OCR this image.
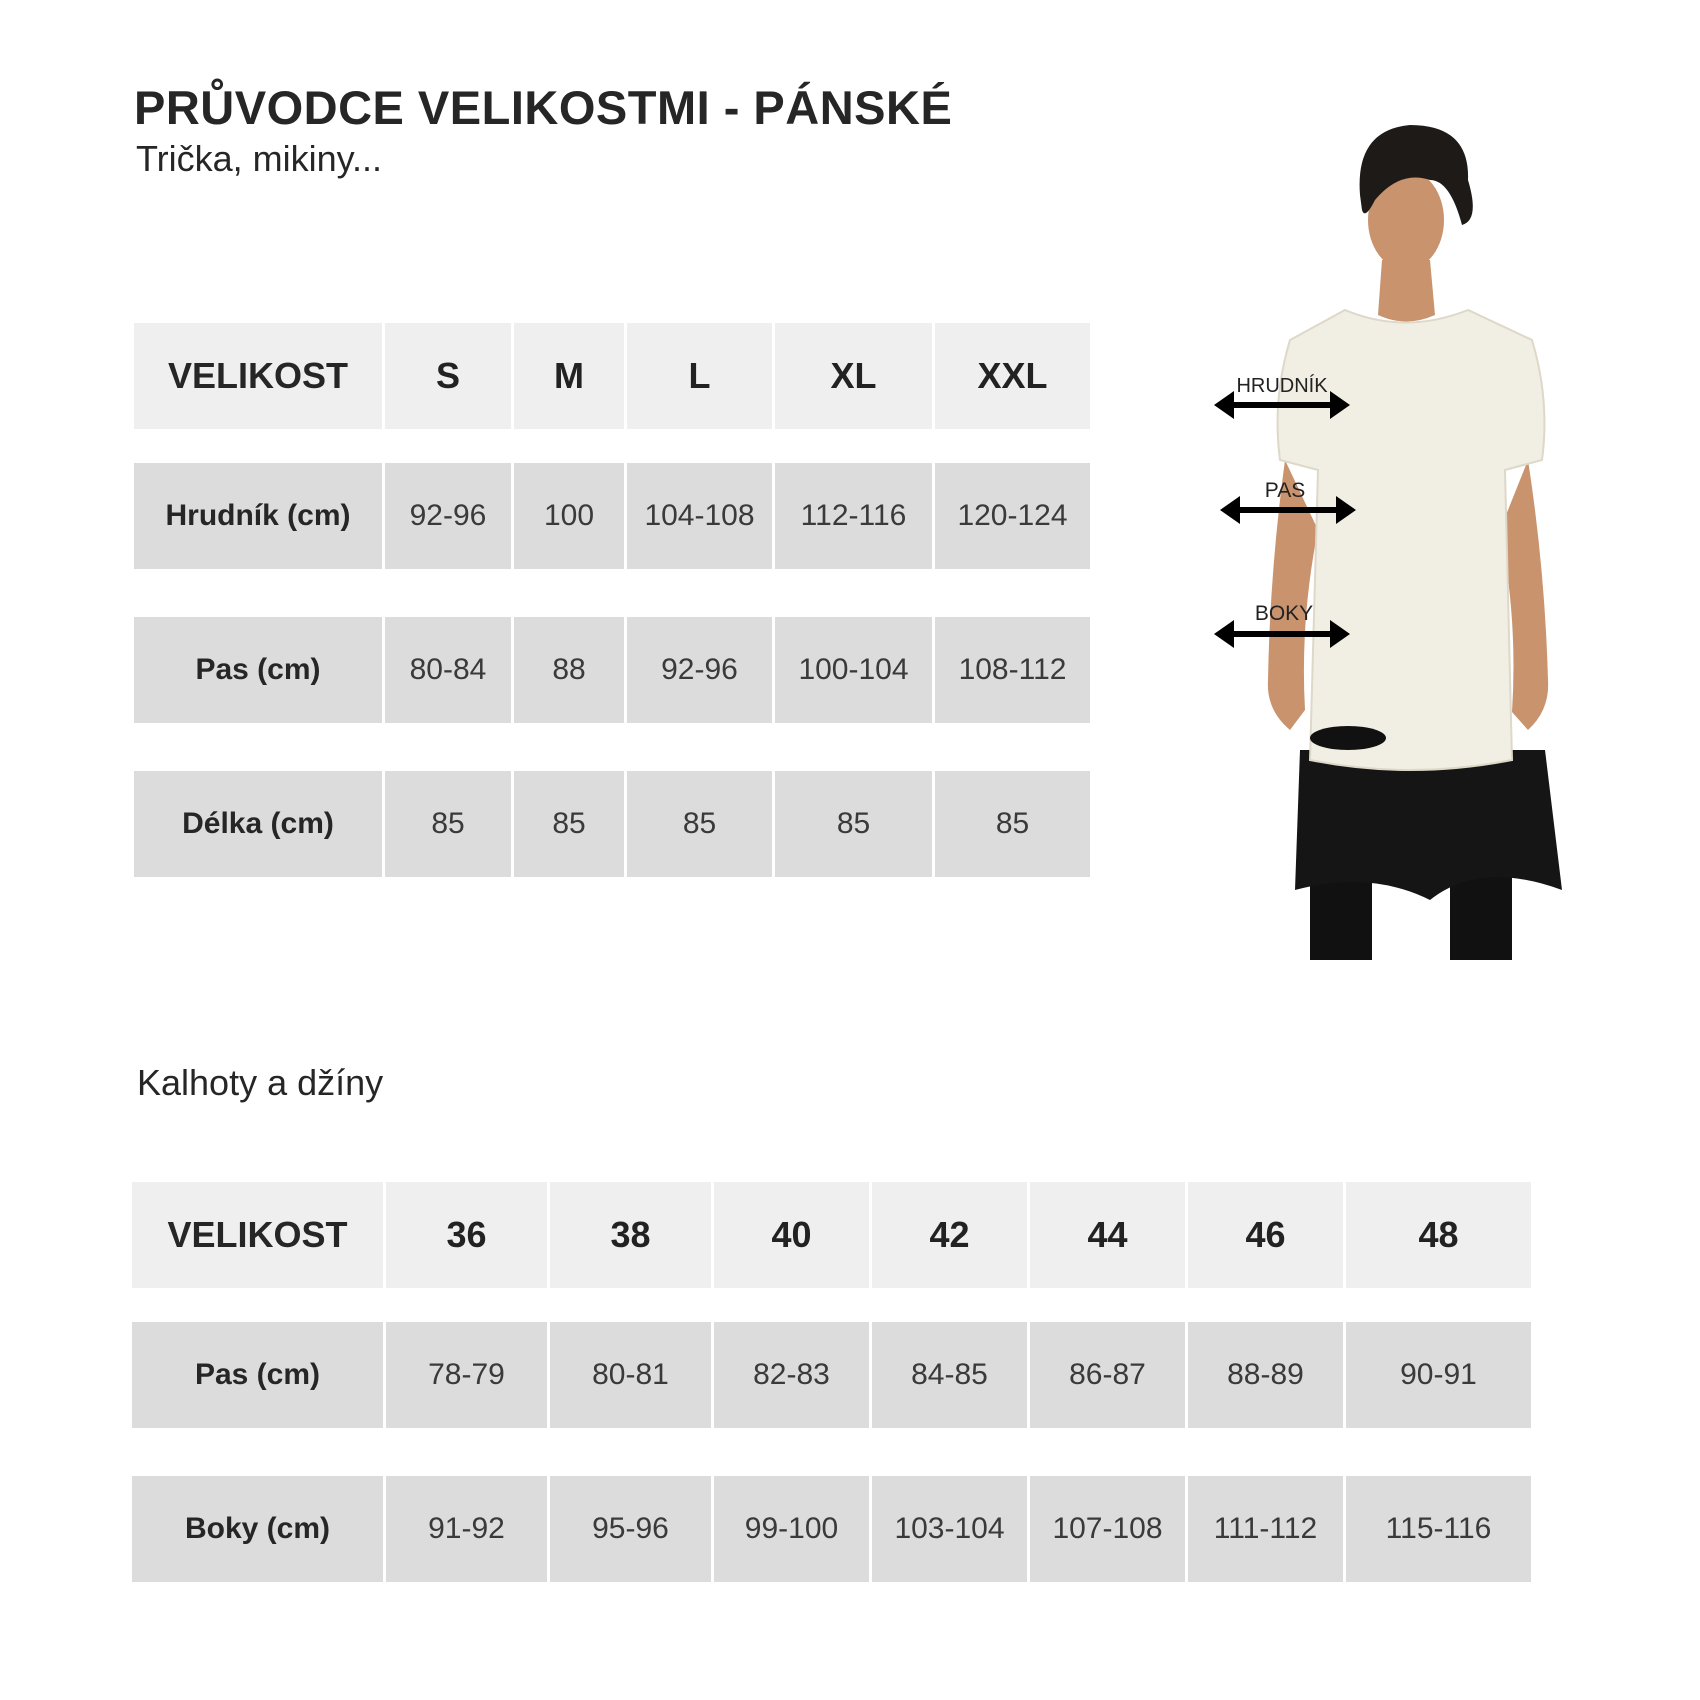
PRŮVODCE VELIKOSTMI - PÁNSKÉ
Trička, mikiny...
VELIKOST	S	M	L	XL	XXL
Hrudník (cm)	92-96	100	104-108	112-116	120-124
Pas (cm)	80-84	88	92-96	100-104	108-112
Délka (cm)	85	85	85	85	85
HRUDNÍK
PAS
BOKY
Kalhoty a džíny
VELIKOST	36	38	40	42	44	46	48
Pas (cm)	78-79	80-81	82-83	84-85	86-87	88-89	90-91
Boky (cm)	91-92	95-96	99-100	103-104	107-108	111-112	115-116
